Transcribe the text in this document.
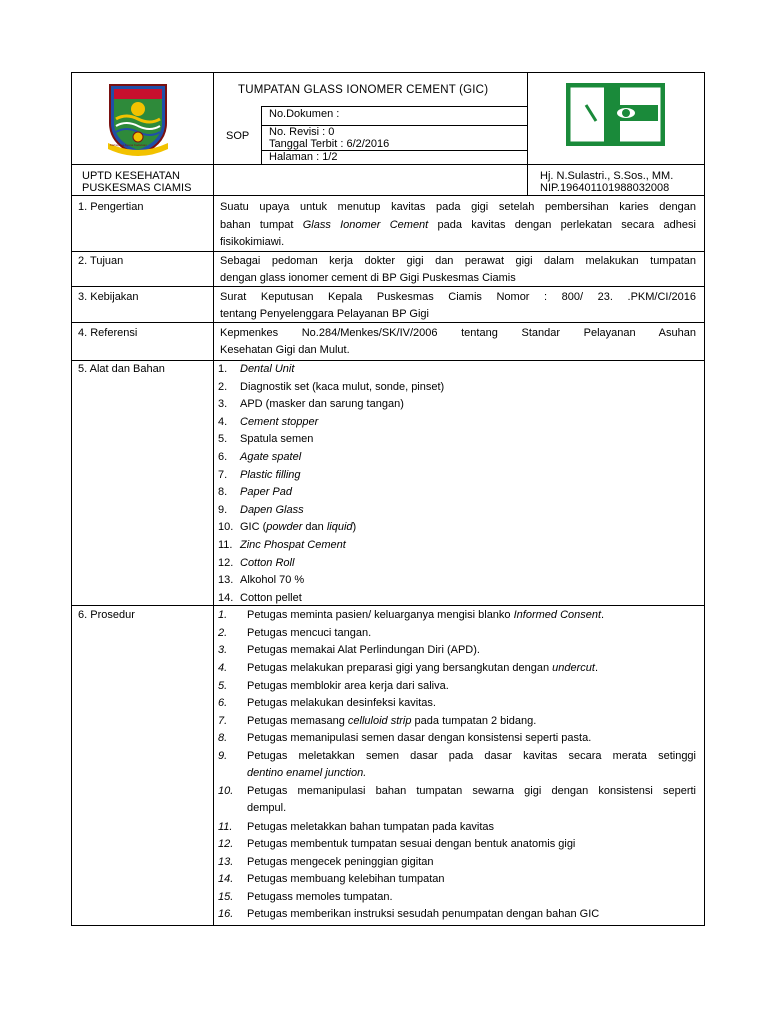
KAB. CIAMIS
Mahayuna Ayuna Kadatuan
TUMPATAN GLASS IONOMER CEMENT (GIC)
SOP
No.Dokumen :
No. Revisi : 0
Tanggal Terbit : 6/2/2016
Halaman : 1/2
UPTD KESEHATAN
PUSKESMAS CIAMIS
Hj. N.Sulastri., S.Sos., MM.
NIP.196401101988032008
1. Pengertian	Suatu upaya untuk menutup kavitas pada gigi setelah pembersihan karies dengan
bahan tumpat Glass Ionomer Cement pada kavitas dengan perlekatan secara adhesi
fisikokimiawi.
2. Tujuan	Sebagai pedoman kerja dokter gigi dan perawat gigi dalam melakukan tumpatan
dengan glass ionomer cement di BP Gigi Puskesmas Ciamis
3. Kebijakan	Surat Keputusan Kepala Puskesmas Ciamis Nomor : 800/ 23. .PKM/CI/2016
tentang Penyelenggara Pelayanan BP Gigi
4. Referensi	Kepmenkes No.284/Menkes/SK/IV/2006 tentang Standar Pelayanan Asuhan
Kesehatan Gigi dan Mulut.
5. Alat dan Bahan	1. Dental Unit
2. Diagnostik set (kaca mulut, sonde, pinset)
3. APD (masker dan sarung tangan)
4. Cement stopper
5. Spatula semen
6. Agate spatel
7. Plastic filling
8. Paper Pad
9. Dapen Glass
10. GIC (powder dan liquid)
11. Zinc Phospat Cement
12. Cotton Roll
13. Alkohol 70 %
14. Cotton pellet
6. Prosedur	1. Petugas meminta pasien/ keluarganya mengisi blanko Informed Consent.
2. Petugas mencuci tangan.
3. Petugas memakai Alat Perlindungan Diri (APD).
4. Petugas melakukan preparasi gigi yang bersangkutan dengan undercut.
5. Petugas memblokir area kerja dari saliva.
6. Petugas melakukan desinfeksi kavitas.
7. Petugas memasang celluloid strip pada tumpatan 2 bidang.
8. Petugas memanipulasi semen dasar dengan konsistensi seperti pasta.
9. Petugas meletakkan semen dasar pada dasar kavitas secara merata setinggi
dentino enamel junction.
10. Petugas memanipulasi bahan tumpatan sewarna gigi dengan konsistensi seperti
dempul.
11. Petugas meletakkan bahan tumpatan pada kavitas
12. Petugas membentuk tumpatan sesuai dengan bentuk anatomis gigi
13. Petugas mengecek peninggian gigitan
14. Petugas membuang kelebihan tumpatan
15. Petugass memoles tumpatan.
16. Petugas memberikan instruksi sesudah penumpatan dengan bahan GIC
